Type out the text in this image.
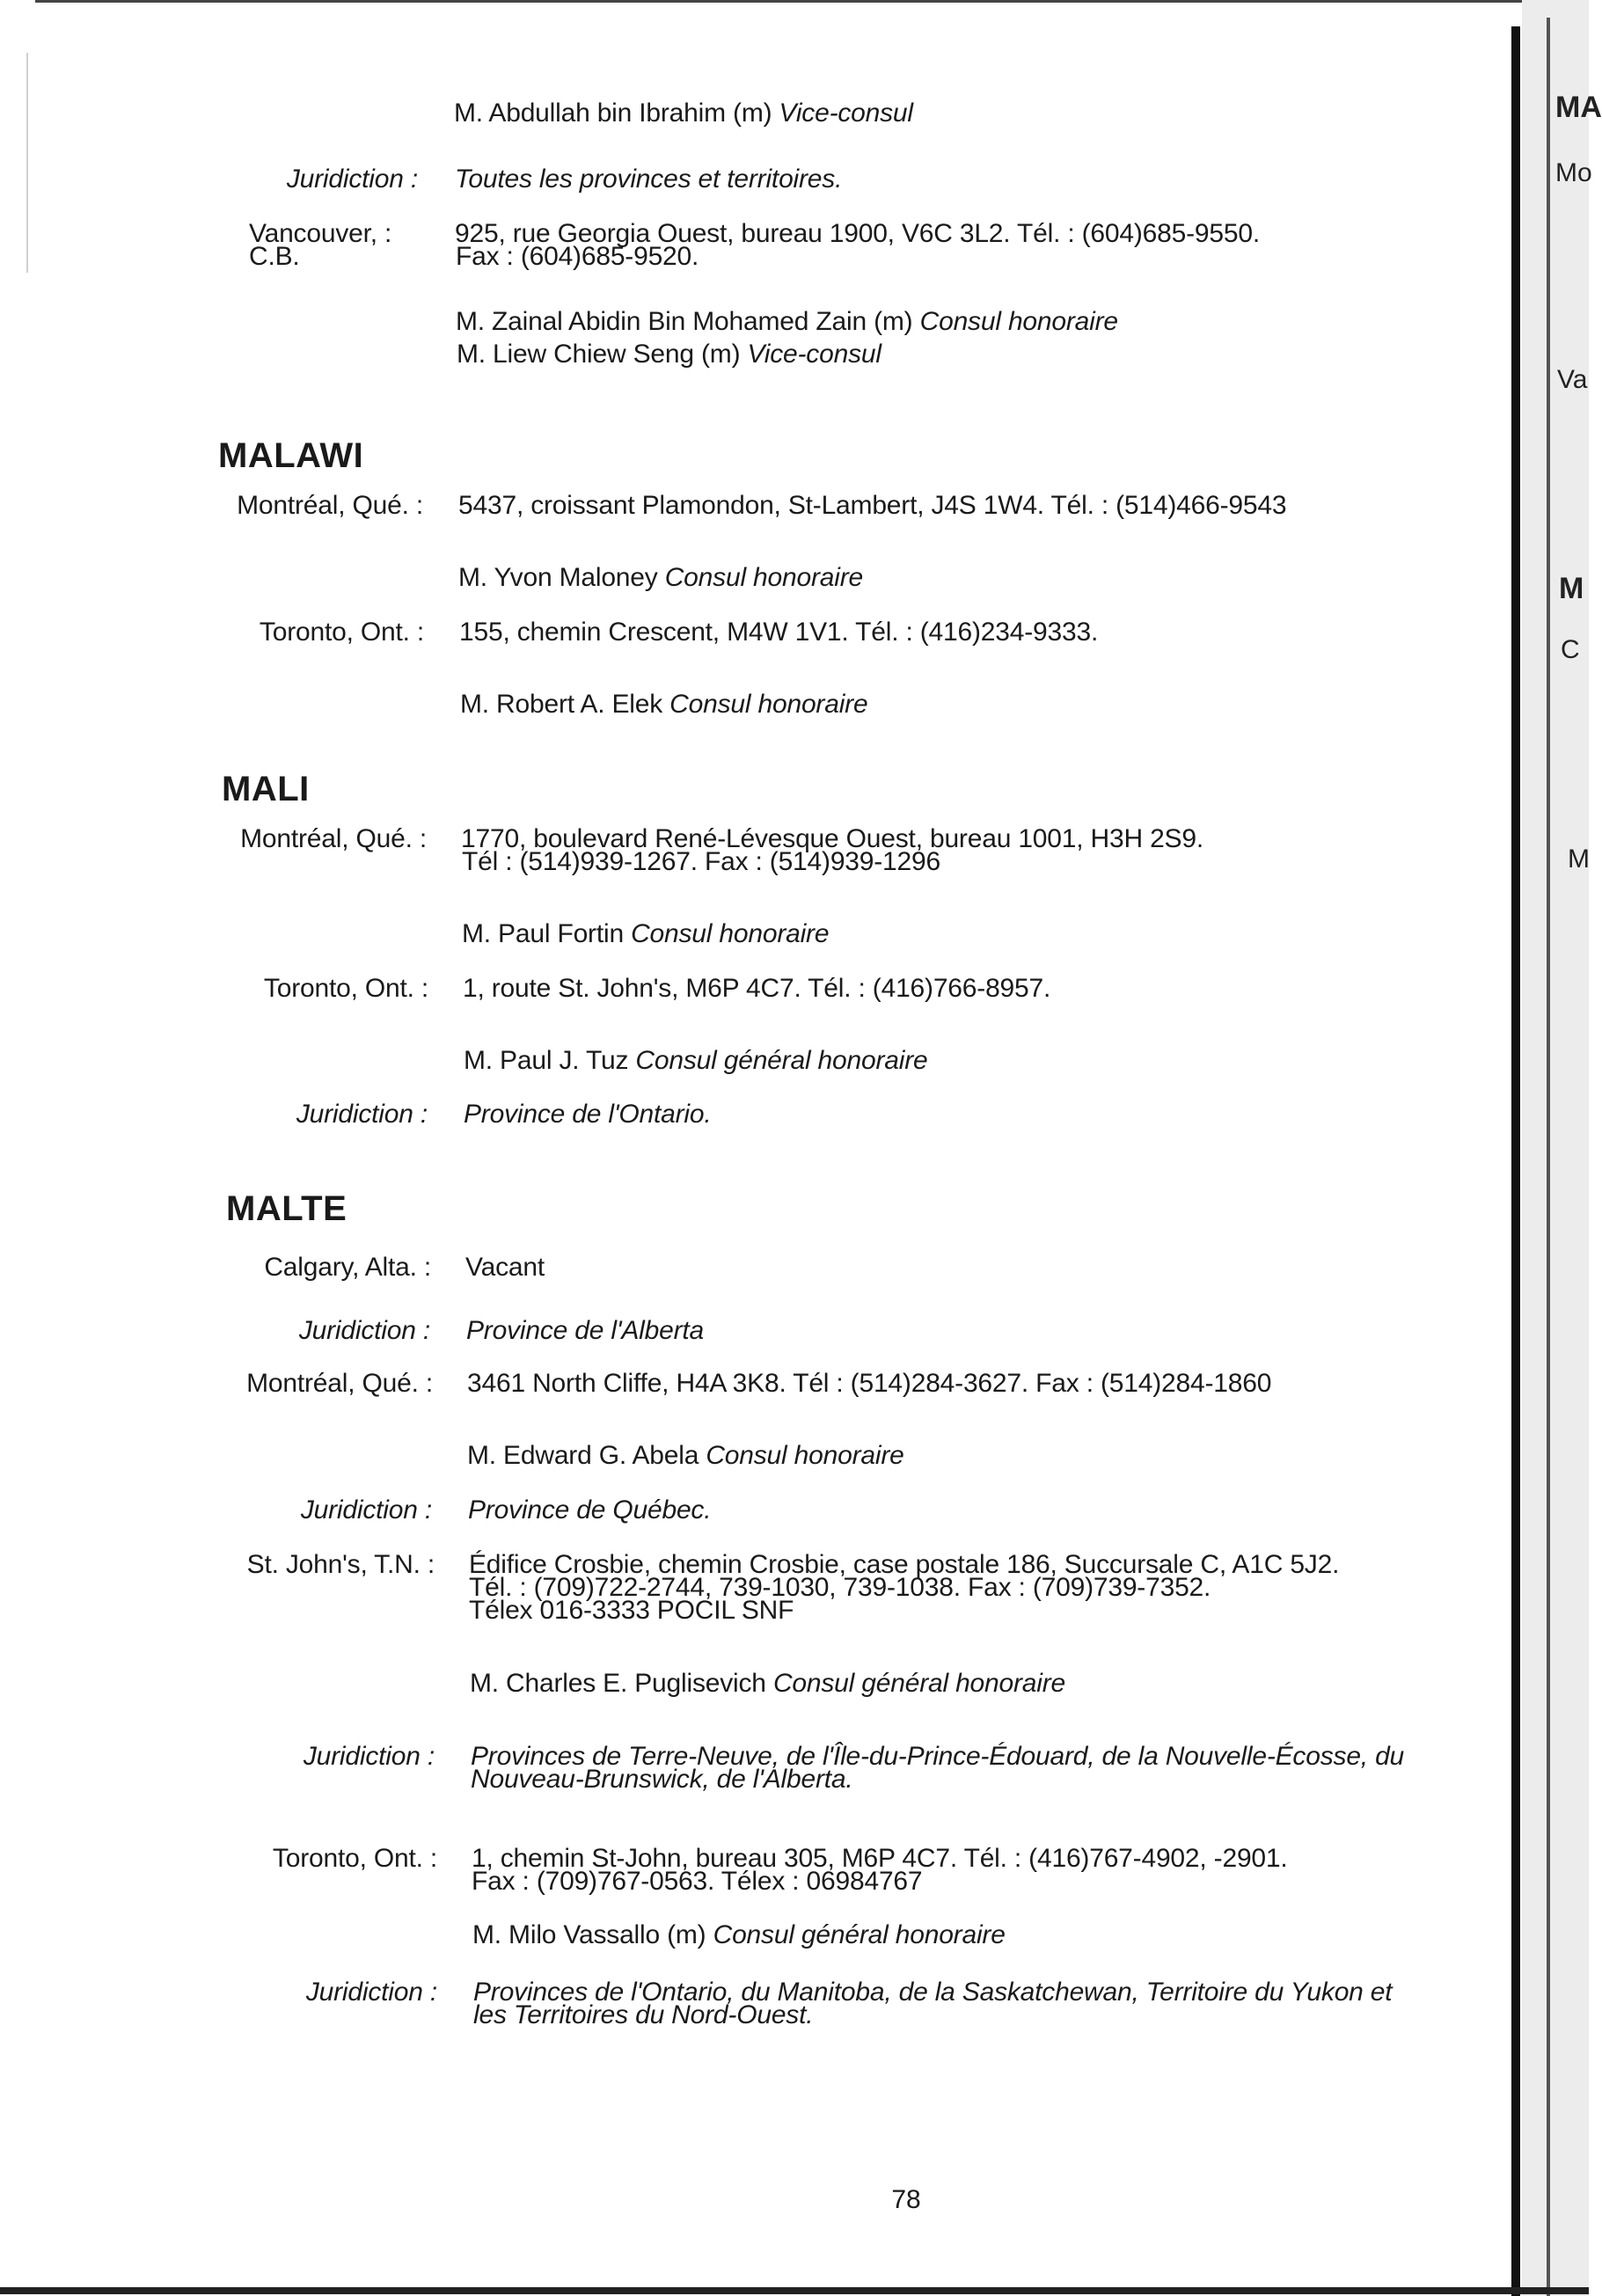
M. Abdullah bin Ibrahim (m) Vice-consul
Juridiction : Toutes les provinces et territoires.
Vancouver, :
C.B.
925, rue Georgia Ouest, bureau 1900, V6C 3L2. Tél. : (604)685-9550.
Fax : (604)685-9520.
M. Zainal Abidin Bin Mohamed Zain (m) Consul honoraire
M. Liew Chiew Seng (m) Vice-consul
MALAWI
Montréal, Qué. : 5437, croissant Plamondon, St-Lambert, J4S 1W4. Tél. : (514)466-9543
M. Yvon Maloney Consul honoraire
Toronto, Ont. : 155, chemin Crescent, M4W 1V1. Tél. : (416)234-9333.
M. Robert A. Elek Consul honoraire
MALI
Montréal, Qué. : 1770, boulevard René-Lévesque Ouest, bureau 1001, H3H 2S9.
Tél : (514)939-1267. Fax : (514)939-1296
M. Paul Fortin Consul honoraire
Toronto, Ont. : 1, route St. John's, M6P 4C7. Tél. : (416)766-8957.
M. Paul J. Tuz Consul général honoraire
Juridiction : Province de l'Ontario.
MALTE
Calgary, Alta. : Vacant
Juridiction : Province de l'Alberta
Montréal, Qué. : 3461 North Cliffe, H4A 3K8. Tél : (514)284-3627. Fax : (514)284-1860
M. Edward G. Abela Consul honoraire
Juridiction : Province de Québec.
St. John's, T.N. : Édifice Crosbie, chemin Crosbie, case postale 186, Succursale C, A1C 5J2.
Tél. : (709)722-2744, 739-1030, 739-1038. Fax : (709)739-7352.
Télex 016-3333 POCIL SNF
M. Charles E. Puglisevich Consul général honoraire
Juridiction : Provinces de Terre-Neuve, de l'Île-du-Prince-Édouard, de la Nouvelle-Écosse, du
Nouveau-Brunswick, de l'Alberta.
Toronto, Ont. : 1, chemin St-John, bureau 305, M6P 4C7. Tél. : (416)767-4902, -2901.
Fax : (709)767-0563. Télex : 06984767
M. Milo Vassallo (m) Consul général honoraire
Juridiction : Provinces de l'Ontario, du Manitoba, de la Saskatchewan, Territoire du Yukon et
les Territoires du Nord-Ouest.
MA
Mo
Va
M
C
M
78
